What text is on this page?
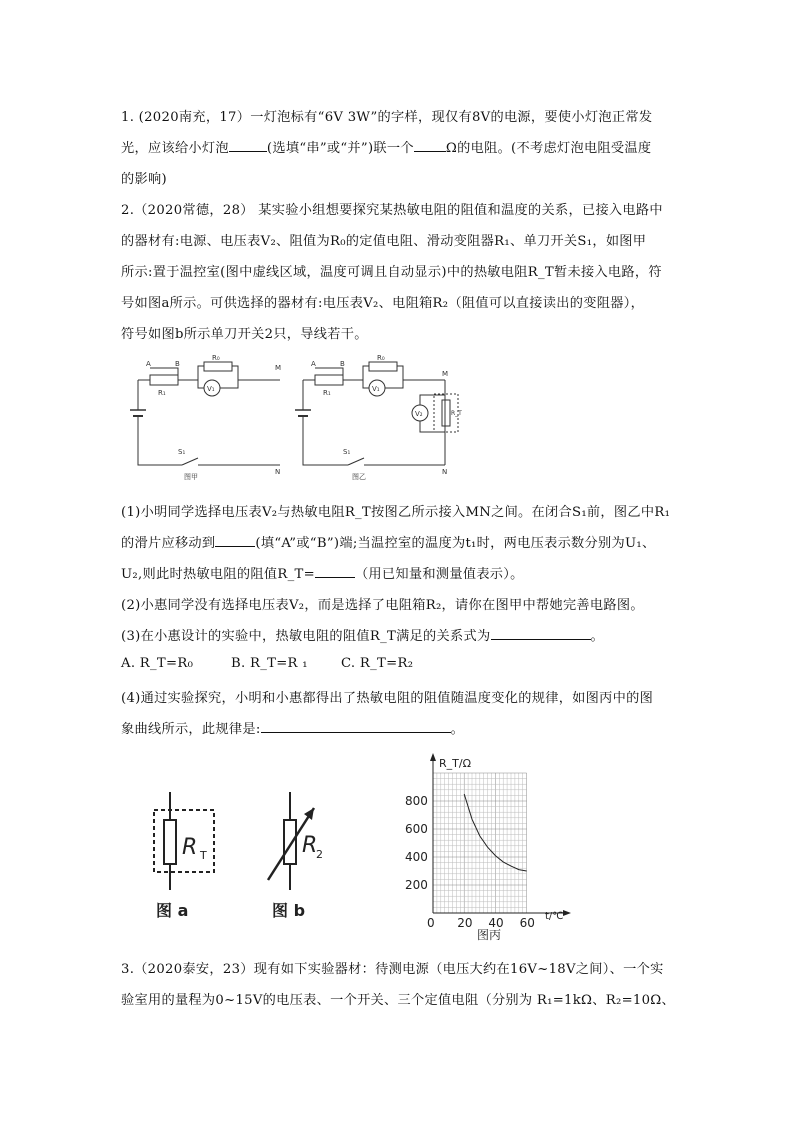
1. (2020南充，17）一灯泡标有“6V 3W”的字样，现仅有8V的电源，要使小灯泡正常发
光，应该给小灯泡	(选填“串”或“并”)联一个 Ω的电阻。(不考虑灯泡电阻受温度
的影响)
2.（2020常德，28） 某实验小组想要探究某热敏电阻的阻值和温度的关系，已接入电路中
的器材有:电源、电压表V₂、阻值为R₀的定值电阻、滑动变阻器R₁、单刀开关S₁，如图甲
所示:置于温控室(图中虚线区域，温度可调且自动显示)中的热敏电阻R_T暂未接入电路，符
号如图a所示。可供选择的器材有:电压表V₂、电阻箱R₂（阻值可以直接读出的变阻器），
符号如图b所示单刀开关2只，导线若干。
A	B
R₁
R₀
V₁
M
N
S₁
图甲
A	B
R₁
R₀
V₁
V₂	R_T
M
N
S₁
图乙
(1)小明同学选择电压表V₂与热敏电阻R_T按图乙所示接入MN之间。在闭合S₁前，图乙中R₁
的滑片应移动到	(填“A”或“B”)端;当温控室的温度为t₁时，两电压表示数分别为U₁、
U₂,则此时热敏电阻的阻值R_T=	（用已知量和测量值表示）。
(2)小惠同学没有选择电压表V₂，而是选择了电阻箱R₂，请你在图甲中帮她完善电路图。
(3)在小惠设计的实验中，热敏电阻的阻值R_T满足的关系式为	。
A. R_T=R₀	B. R_T=R ₁	C. R_T=R₂
(4)通过实验探究，小明和小惠都得出了热敏电阻的阻值随温度变化的规律，如图丙中的图
象曲线所示，此规律是:	。
R T
图 a
R
2
图 b
0 20 40 60
200
400
600
800
R_T/Ω
t/℃
图丙
3.（2020泰安，23）现有如下实验器材：待测电源（电压大约在16V~18V之间）、一个实
验室用的量程为0~15V的电压表、一个开关、三个定值电阻（分别为 R₁=1kΩ、R₂=10Ω、
